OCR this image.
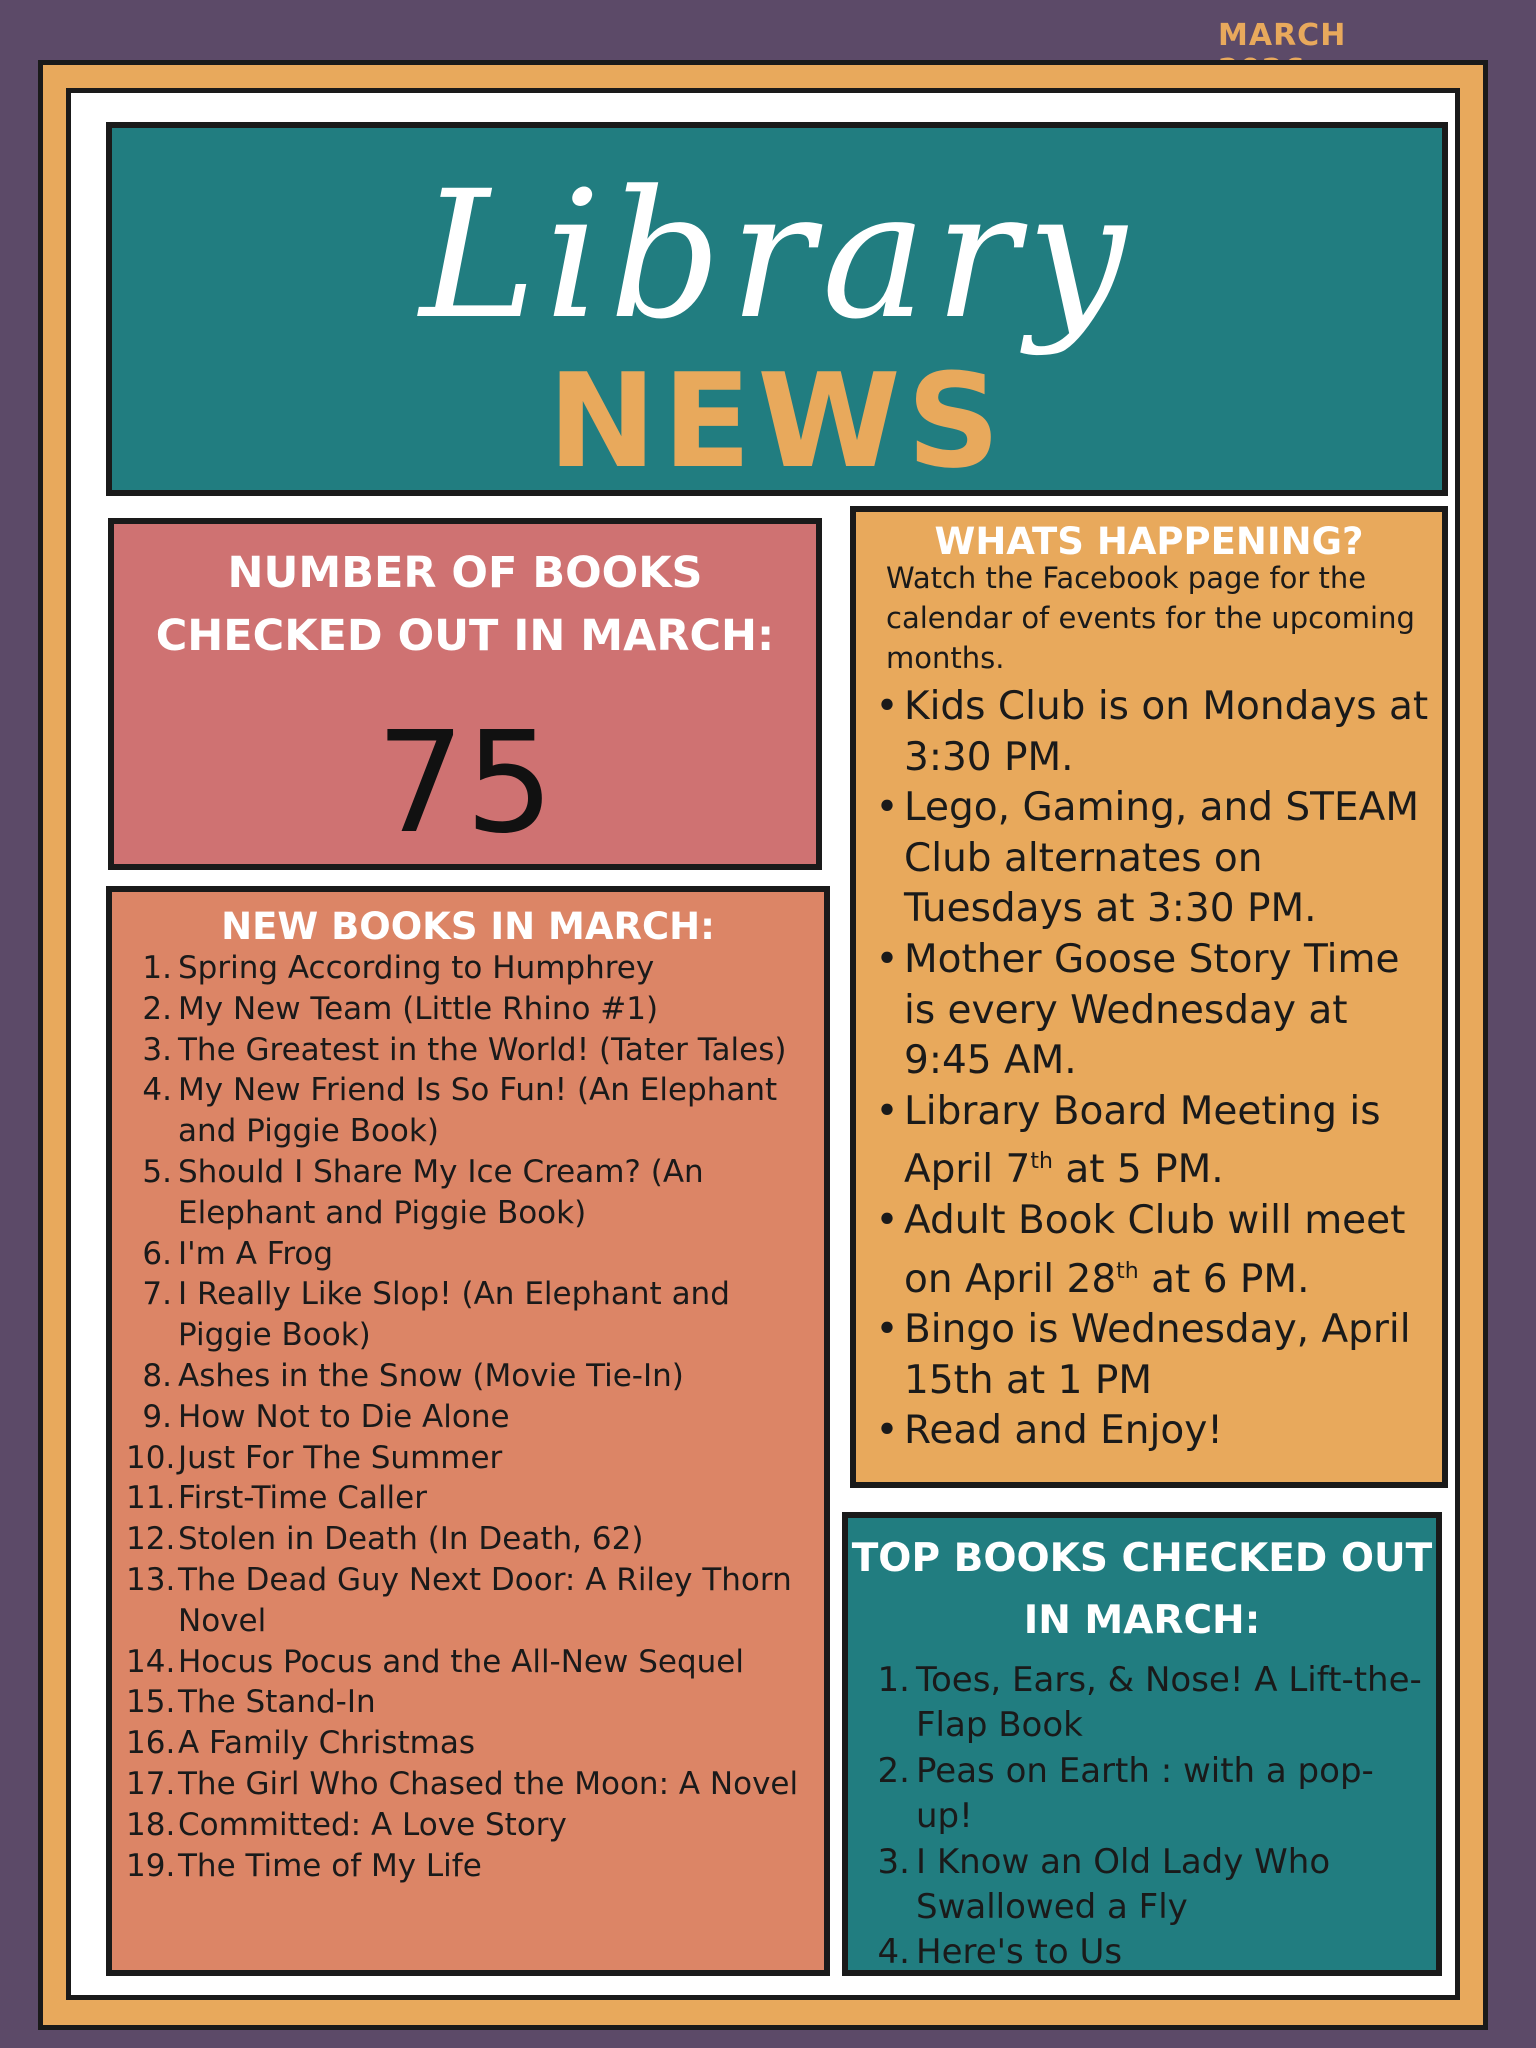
MARCH
Library
NEWS
NUMBER OF BOOKS CHECKED OUT IN MARCH:
75
NEW BOOKS IN MARCH:
1. Spring According to Humphrey
2. My New Team (Little Rhino #1)
3. The Greatest in the World! (Tater Tales)
4. My New Friend Is So Fun! (An Elephant and Piggie Book)
5. Should I Share My Ice Cream? (An Elephant and Piggie Book)
6. I'm A Frog
7. I Really Like Slop! (An Elephant and Piggie Book)
8. Ashes in the Snow (Movie Tie-In)
9. How Not to Die Alone
10. Just For The Summer
11. First-Time Caller
12. Stolen in Death (In Death, 62)
13. The Dead Guy Next Door: A Riley Thorn Novel
14. Hocus Pocus and the All-New Sequel
15. The Stand-In
16. A Family Christmas
17. The Girl Who Chased the Moon: A Novel
18. Committed: A Love Story
19. The Time of My Life
WHATS HAPPENING?
Watch the Facebook page for the calendar of events for the upcoming months.
• Kids Club is on Mondays at 3:30 PM.
• Lego, Gaming, and STEAM Club alternates on Tuesdays at 3:30 PM.
• Mother Goose Story Time is every Wednesday at 9:45 AM.
• Library Board Meeting is April 7th at 5 PM.
• Adult Book Club will meet on April 28th at 6 PM.
• Bingo is Wednesday, April 15th at 1 PM
• Read and Enjoy!
TOP BOOKS CHECKED OUT IN MARCH:
1. Toes, Ears, & Nose! A Lift-the-Flap Book
2. Peas on Earth : with a pop-up!
3. I Know an Old Lady Who Swallowed a Fly
4. Here's to Us
